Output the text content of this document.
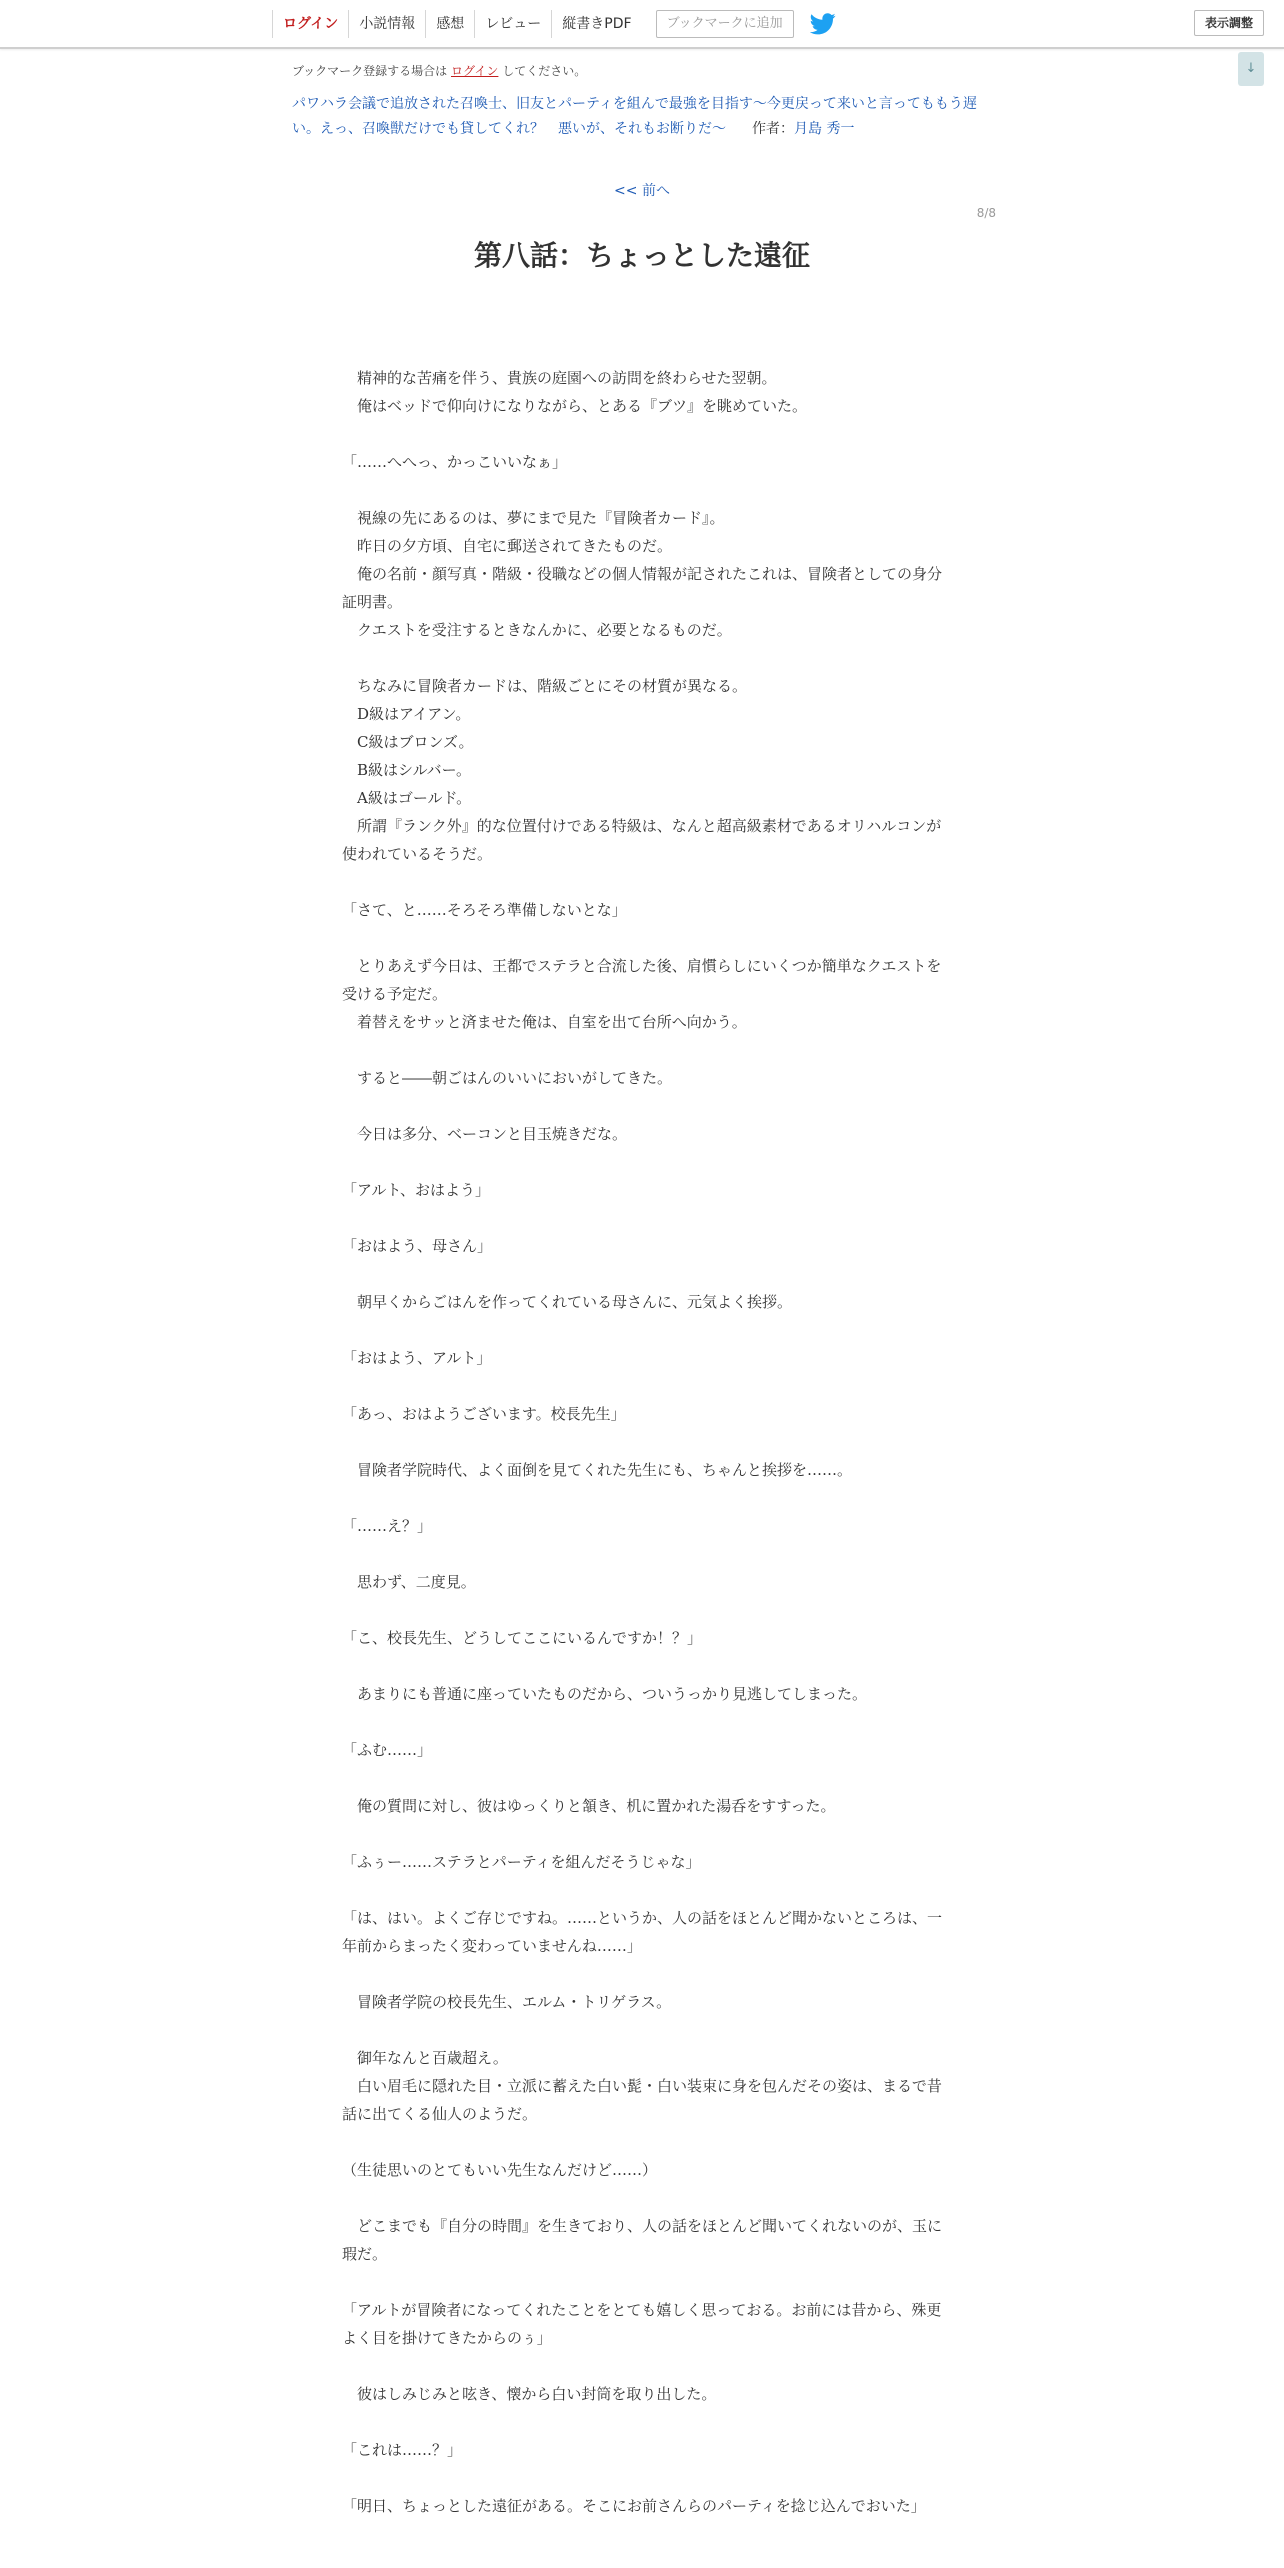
ログイン	小説情報	感想	レビュー	縦書きPDF	ブックマークに追加	表示調整
↓
ブックマーク登録する場合は ログイン してください。
パワハラ会議で追放された召喚士、旧友とパーティを組んで最強を目指す～今更戻って来いと言ってももう遅い。えっ、召喚獣だけでも貸してくれ？　悪いが、それもお断りだ～ 作者：月島 秀一
<< 前へ
8/8
第八話：ちょっとした遠征

　精神的な苦痛を伴う、貴族の庭園への訪問を終わらせた翌朝。

　俺はベッドで仰向けになりながら、とある『ブツ』を眺めていた。

「……へへっ、かっこいいなぁ」

　視線の先にあるのは、夢にまで見た『冒険者カード』。

　昨日の夕方頃、自宅に郵送されてきたものだ。

　俺の名前・顔写真・階級・役職などの個人情報が記されたこれは、冒険者としての身分証明書。

　クエストを受注するときなんかに、必要となるものだ。

　ちなみに冒険者カードは、階級ごとにその材質が異なる。

　D級はアイアン。

　C級はブロンズ。

　B級はシルバー。

　A級はゴールド。

　所謂『ランク外』的な位置付けである特級は、なんと超高級素材であるオリハルコンが使われているそうだ。

「さて、と……そろそろ準備しないとな」

　とりあえず今日は、王都でステラと合流した後、肩慣らしにいくつか簡単なクエストを受ける予定だ。

　着替えをサッと済ませた俺は、自室を出て台所へ向かう。

　すると――朝ごはんのいいにおいがしてきた。

　今日は多分、ベーコンと目玉焼きだな。

「アルト、おはよう」

「おはよう、母さん」

　朝早くからごはんを作ってくれている母さんに、元気よく挨拶。

「おはよう、アルト」

「あっ、おはようございます。校長先生」

　冒険者学院時代、よく面倒を見てくれた先生にも、ちゃんと挨拶を……。

「……え？」

　思わず、二度見。

「こ、校長先生、どうしてここにいるんですか！？」

　あまりにも普通に座っていたものだから、ついうっかり見逃してしまった。

「ふむ……」

　俺の質問に対し、彼はゆっくりと頷き、机に置かれた湯呑をすすった。

「ふぅー……ステラとパーティを組んだそうじゃな」

「は、はい。よくご存じですね。……というか、人の話をほとんど聞かないところは、一年前からまったく変わっていませんね……」

　冒険者学院の校長先生、エルム・トリゲラス。

　御年なんと百歳超え。

　白い眉毛に隠れた目・立派に蓄えた白い髭・白い装束に身を包んだその姿は、まるで昔話に出てくる仙人のようだ。

（生徒思いのとてもいい先生なんだけど……）

　どこまでも『自分の時間』を生きており、人の話をほとんど聞いてくれないのが、玉に瑕だ。

「アルトが冒険者になってくれたことをとても嬉しく思っておる。お前には昔から、殊更よく目を掛けてきたからのぅ」

　彼はしみじみと呟き、懐から白い封筒を取り出した。

「これは……？」

「明日、ちょっとした遠征がある。そこにお前さんらのパーティを捻じ込んでおいた」
